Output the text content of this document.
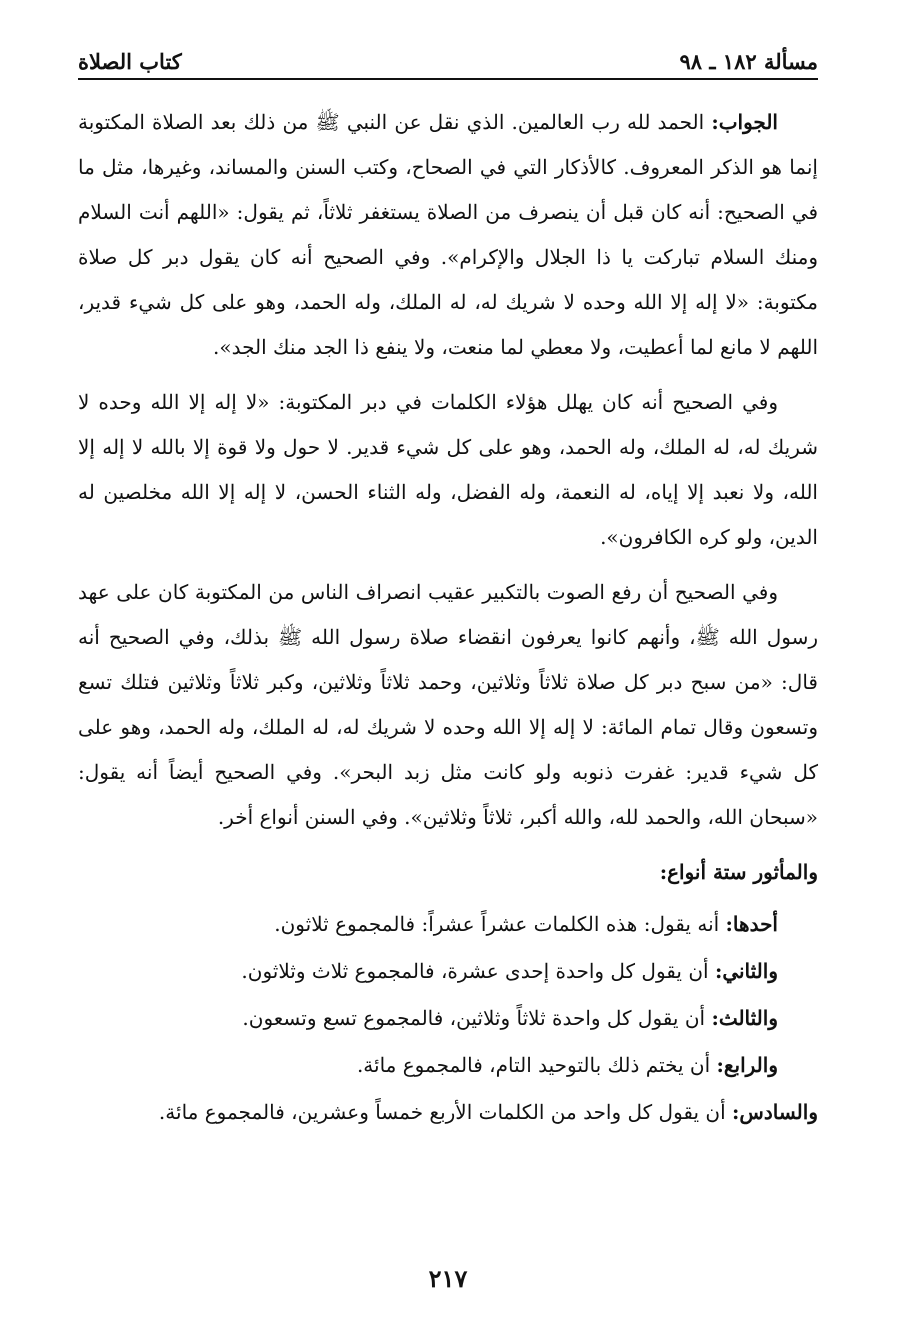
مسألة ١٨٢ ـ ٩٨
كتاب الصلاة

الجواب: الحمد لله رب العالمين. الذي نقل عن النبي ﷺ من ذلك بعد الصلاة المكتوبة إنما هو الذكر المعروف. كالأذكار التي في الصحاح، وكتب السنن والمساند، وغيرها، مثل ما في الصحيح: أنه كان قبل أن ينصرف من الصلاة يستغفر ثلاثاً، ثم يقول: «اللهم أنت السلام ومنك السلام تباركت يا ذا الجلال والإكرام». وفي الصحيح أنه كان يقول دبر كل صلاة مكتوبة: «لا إله إلا الله وحده لا شريك له، له الملك، وله الحمد، وهو على كل شيء قدير، اللهم لا مانع لما أعطيت، ولا معطي لما منعت، ولا ينفع ذا الجد منك الجد».

وفي الصحيح أنه كان يهلل هؤلاء الكلمات في دبر المكتوبة: «لا إله إلا الله وحده لا شريك له، له الملك، وله الحمد، وهو على كل شيء قدير. لا حول ولا قوة إلا بالله لا إله إلا الله، ولا نعبد إلا إياه، له النعمة، وله الفضل، وله الثناء الحسن، لا إله إلا الله مخلصين له الدين، ولو كره الكافرون».

وفي الصحيح أن رفع الصوت بالتكبير عقيب انصراف الناس من المكتوبة كان على عهد رسول الله ﷺ، وأنهم كانوا يعرفون انقضاء صلاة رسول الله ﷺ بذلك، وفي الصحيح أنه قال: «من سبح دبر كل صلاة ثلاثاً وثلاثين، وحمد ثلاثاً وثلاثين، وكبر ثلاثاً وثلاثين فتلك تسع وتسعون وقال تمام المائة: لا إله إلا الله وحده لا شريك له، له الملك، وله الحمد، وهو على كل شيء قدير: غفرت ذنوبه ولو كانت مثل زبد البحر». وفي الصحيح أيضاً أنه يقول: «سبحان الله، والحمد لله، والله أكبر، ثلاثاً وثلاثين». وفي السنن أنواع أخر.

والمأثور ستة أنواع:
أحدها: أنه يقول: هذه الكلمات عشراً عشراً: فالمجموع ثلاثون.
والثاني: أن يقول كل واحدة إحدى عشرة، فالمجموع ثلاث وثلاثون.
والثالث: أن يقول كل واحدة ثلاثاً وثلاثين، فالمجموع تسع وتسعون.
والرابع: أن يختم ذلك بالتوحيد التام، فالمجموع مائة.
والسادس: أن يقول كل واحد من الكلمات الأربع خمساً وعشرين، فالمجموع مائة.
٢١٧
